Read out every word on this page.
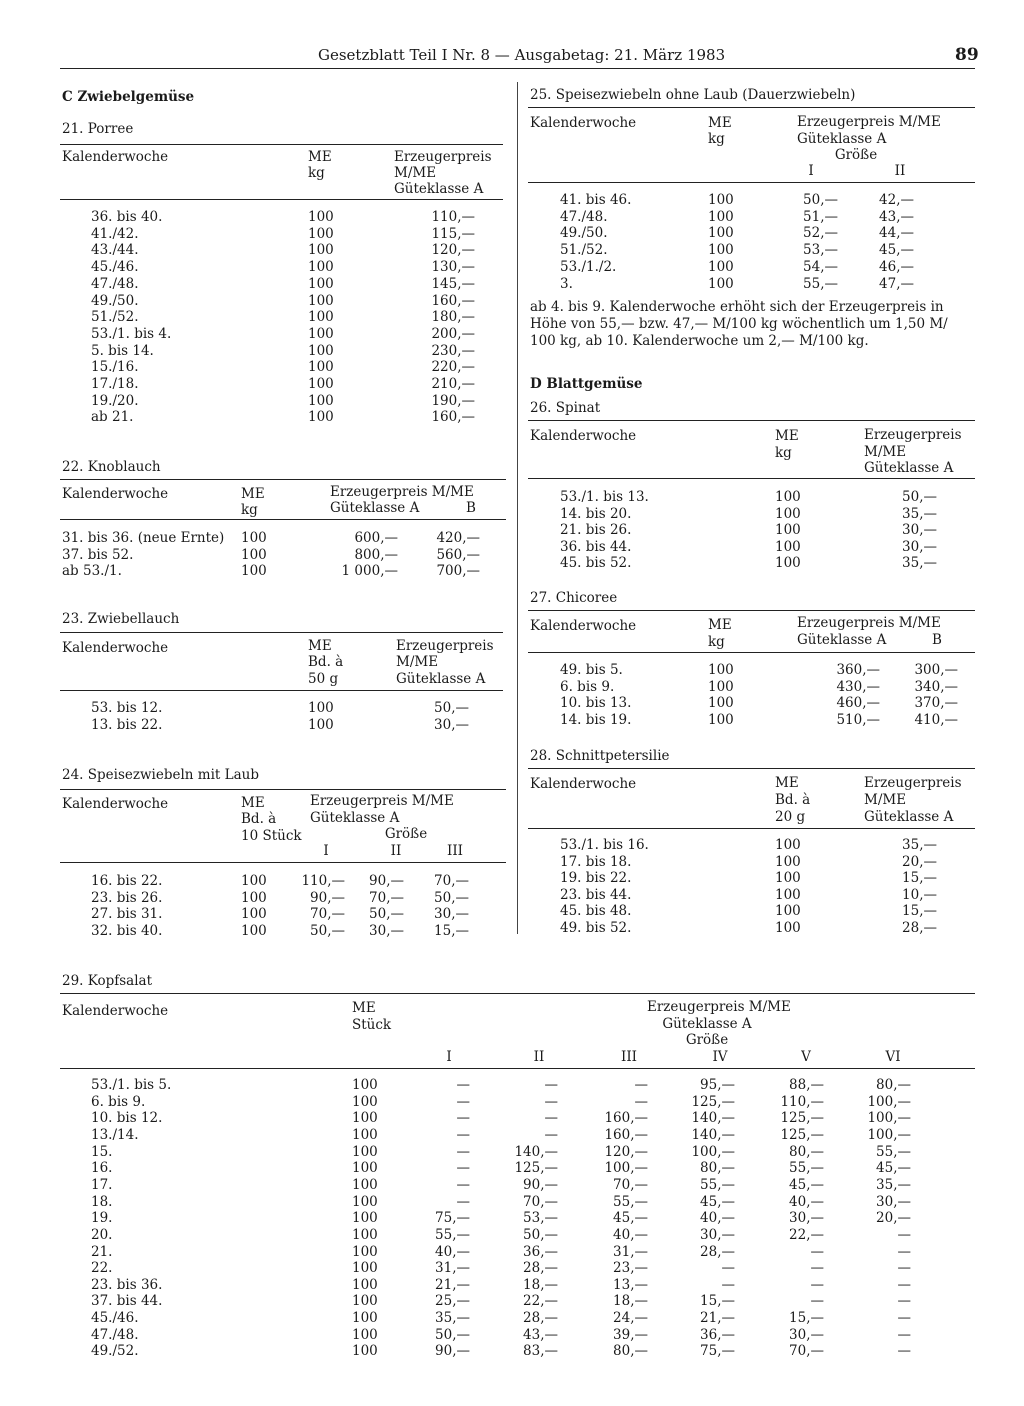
Gesetzblatt Teil I Nr. 8 — Ausgabetag: 21. März 1983	89
C Zwiebelgemüse
21. Porree
Kalenderwoche	ME
kg
Erzeugerpreis
M/ME
Güteklasse A
36. bis 40.	100	110,—
41./42.	100	115,—
43./44.	100	120,—
45./46.	100	130,—
47./48.	100	145,—
49./50.	100	160,—
51./52.	100	180,—
53./1. bis 4.	100	200,—
5. bis 14.	100	230,—
15./16.	100	220,—
17./18.	100	210,—
19./20.	100	190,—
ab 21.	100	160,—
22. Knoblauch
Kalenderwoche	ME
kg
Erzeugerpreis M/ME
Güteklasse A	B
31. bis 36. (neue Ernte) 100	600,—	420,—
37. bis 52.	100	800,—	560,—
ab 53./1.	100	1 000,—	700,—
23. Zwiebellauch
Kalenderwoche	ME
Bd. à
50 g
Erzeugerpreis
M/ME
Güteklasse A
53. bis 12.	100	50,—
13. bis 22.	100	30,—
24. Speisezwiebeln mit Laub
Kalenderwoche	ME
Bd. à
10 Stück
Erzeugerpreis M/ME
Güteklasse A
Größe
I	II	III
16. bis 22.	100	110,— 90,— 70,—
23. bis 26.	100	90,— 70,— 50,—
27. bis 31.	100	70,— 50,— 30,—
32. bis 40.	100	50,— 30,— 15,—
25. Speisezwiebeln ohne Laub (Dauerzwiebeln)
Kalenderwoche	ME
kg
Erzeugerpreis M/ME
Güteklasse A
Größe
I	II
41. bis 46.	100	50,—	42,—
47./48.	100	51,—	43,—
49./50.	100	52,—	44,—
51./52.	100	53,—	45,—
53./1./2.	100	54,—	46,—
3.	100	55,—	47,—
ab 4. bis 9. Kalenderwoche erhöht sich der Erzeugerpreis in
Höhe von 55,— bzw. 47,— M/100 kg wöchentlich um 1,50 M/
100 kg, ab 10. Kalenderwoche um 2,— M/100 kg.
D Blattgemüse
26. Spinat
Kalenderwoche	ME
kg
Erzeugerpreis
M/ME
Güteklasse A
53./1. bis 13.	100	50,—
14. bis 20.	100	35,—
21. bis 26.	100	30,—
36. bis 44.	100	30,—
45. bis 52.	100	35,—
27. Chicoree
Kalenderwoche	ME
kg
Erzeugerpreis M/ME
Güteklasse A	B
49. bis 5.	100	360,—	300,—
6. bis 9.	100	430,—	340,—
10. bis 13.	100	460,—	370,—
14. bis 19.	100	510,—	410,—
28. Schnittpetersilie
Kalenderwoche	ME
Bd. à
20 g
Erzeugerpreis
M/ME
Güteklasse A
53./1. bis 16.	100	35,—
17. bis 18.	100	20,—
19. bis 22.	100	15,—
23. bis 44.	100	10,—
45. bis 48.	100	15,—
49. bis 52.	100	28,—
29. Kopfsalat
Kalenderwoche	ME
Stück
Erzeugerpreis M/ME
Güteklasse A
Größe
I	II	III	IV	V	VI
53./1. bis 5.	100	—	—	—	95,—	88,—	80,—
6. bis 9.	100	—	—	—	125,—	110,—	100,—
10. bis 12.	100	—	—	160,—	140,—	125,—	100,—
13./14.	100	—	—	160,—	140,—	125,—	100,—
15.	100	—	140,—	120,—	100,—	80,—	55,—
16.	100	—	125,—	100,—	80,—	55,—	45,—
17.	100	—	90,—	70,—	55,—	45,—	35,—
18.	100	—	70,—	55,—	45,—	40,—	30,—
19.	100	75,—	53,—	45,—	40,—	30,—	20,—
20.	100	55,—	50,—	40,—	30,—	22,—	—
21.	100	40,—	36,—	31,—	28,—	—	—
22.	100	31,—	28,—	23,—	—	—	—
23. bis 36.	100	21,—	18,—	13,—	—	—	—
37. bis 44.	100	25,—	22,—	18,—	15,—	—	—
45./46.	100	35,—	28,—	24,—	21,—	15,—	—
47./48.	100	50,—	43,—	39,—	36,—	30,—	—
49./52.	100	90,—	83,—	80,—	75,—	70,—	—
